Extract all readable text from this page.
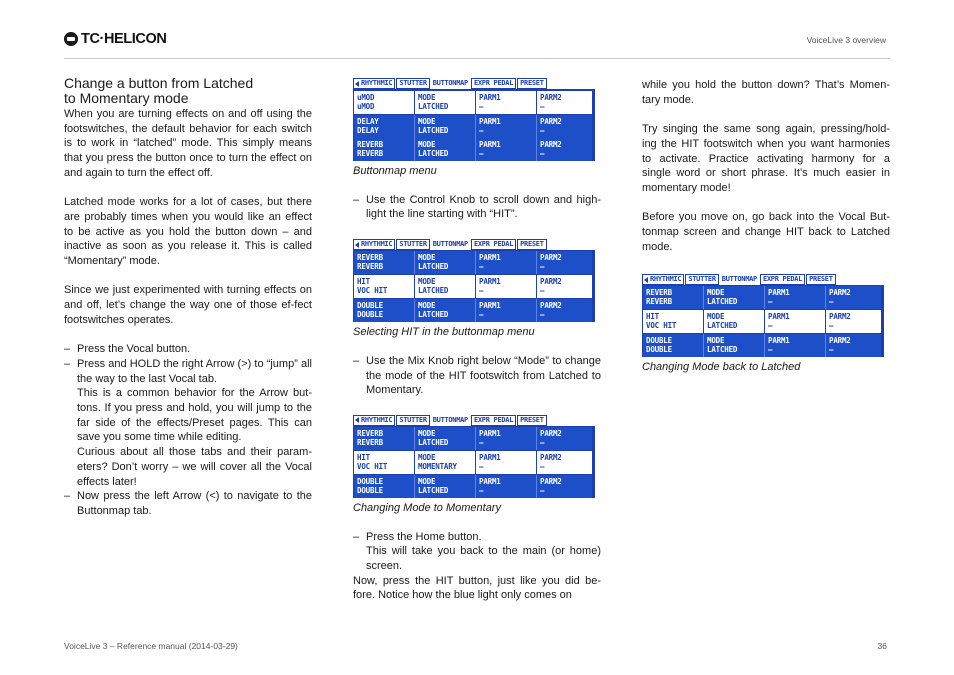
TC·HELICON	VoiceLive 3 overview
Change a button from Latched
to Momentary mode

When you are turning effects on and off using the footswitches, the default behavior for each switch is to work in “latched” mode. This simply means that you press the button once to turn the effect on and again to turn the effect off.

Latched mode works for a lot of cases, but there are probably times when you would like an effect to be active as you hold the button down – and inactive as soon as you release it. This is called “Momentary” mode.

Since we just experimented with turning effects on and off, let’s change the way one of those ef-fect footswitches operates.

– Press the Vocal button.
– Press and HOLD the right Arrow (>) to “jump” all the way to the last Vocal tab.
This is a common behavior for the Arrow but-tons. If you press and hold, you will jump to the far side of the effects/Preset pages. This can save you some time while editing.
Curious about all those tabs and their param-eters? Don’t worry – we will cover all the Vocal effects later!
– Now press the left Arrow (<) to navigate to the Buttonmap tab.
RHYTHMIC STUTTER BUTTONMAP EXPR PEDAL PRESET
uMOD
uMOD
MODE
LATCHED
PARM1
–
PARM2
–
DELAY
DELAY
MODE
LATCHED
PARM1
–
PARM2
–
REVERB
REVERB
MODE
LATCHED
PARM1
–
PARM2
–
Buttonmap menu
– Use the Control Knob to scroll down and high-light the line starting with “HIT”.
RHYTHMIC STUTTER BUTTONMAP EXPR PEDAL PRESET
REVERB
REVERB
MODE
LATCHED
PARM1
–
PARM2
–
HIT
VOC HIT
MODE
LATCHED
PARM1
–
PARM2
–
DOUBLE
DOUBLE
MODE
LATCHED
PARM1
–
PARM2
–
Selecting HIT in the buttonmap menu
– Use the Mix Knob right below “Mode” to change the mode of the HIT footswitch from Latched to Momentary.
RHYTHMIC STUTTER BUTTONMAP EXPR PEDAL PRESET
REVERB
REVERB
MODE
LATCHED
PARM1
–
PARM2
–
HIT
VOC HIT
MODE
MOMENTARY
PARM1
–
PARM2
–
DOUBLE
DOUBLE
MODE
LATCHED
PARM1
–
PARM2
–
Changing Mode to Momentary
– Press the Home button.
This will take you back to the main (or home) screen.

Now, press the HIT button, just like you did be-fore. Notice how the blue light only comes on

while you hold the button down? That’s Momen-tary mode.

Try singing the same song again, pressing/hold-ing the HIT footswitch when you want harmonies to activate. Practice activating harmony for a single word or short phrase. It’s much easier in momentary mode!

Before you move on, go back into the Vocal But-tonmap screen and change HIT back to Latched mode.

RHYTHMIC STUTTER BUTTONMAP EXPR PEDAL PRESET
REVERB
REVERB
MODE
LATCHED
PARM1
–
PARM2
–
HIT
VOC HIT
MODE
LATCHED
PARM1
–
PARM2
–
DOUBLE
DOUBLE
MODE
LATCHED
PARM1
–
PARM2
–
Changing Mode back to Latched
VoiceLive 3 – Reference manual (2014-03-29)	36
